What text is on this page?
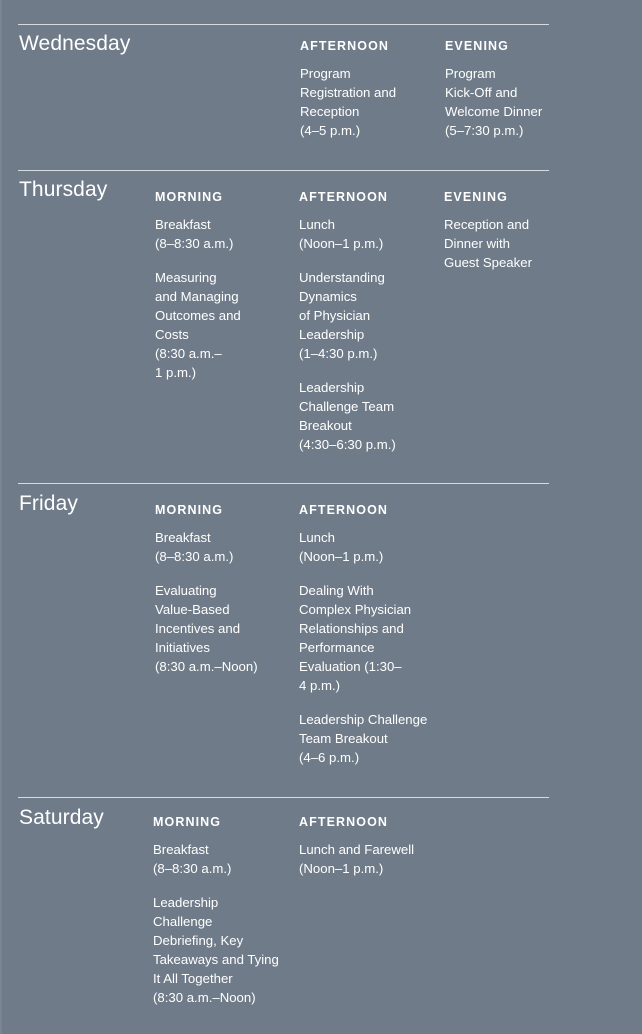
Wednesday	AFTERNOON
Program
Registration and
Reception
(4–5 p.m.)
EVENING
Program
Kick-Off and
Welcome Dinner
(5–7:30 p.m.)
Thursday	MORNING
Breakfast
(8–8:30 a.m.)
Measuring
and Managing
Outcomes and
Costs
(8:30 a.m.–
1 p.m.)
AFTERNOON
Lunch
(Noon–1 p.m.)
Understanding
Dynamics
of Physician
Leadership
(1–4:30 p.m.)
Leadership
Challenge Team
Breakout
(4:30–6:30 p.m.)
EVENING
Reception and
Dinner with
Guest Speaker
Friday	MORNING
Breakfast
(8–8:30 a.m.)
Evaluating
Value-Based
Incentives and
Initiatives
(8:30 a.m.–Noon)
AFTERNOON
Lunch
(Noon–1 p.m.)
Dealing With
Complex Physician
Relationships and
Performance
Evaluation (1:30–
4 p.m.)
Leadership Challenge
Team Breakout
(4–6 p.m.)
Saturday	MORNING
Breakfast
(8–8:30 a.m.)
Leadership
Challenge
Debriefing, Key
Takeaways and Tying
It All Together
(8:30 a.m.–Noon)
AFTERNOON
Lunch and Farewell
(Noon–1 p.m.)
